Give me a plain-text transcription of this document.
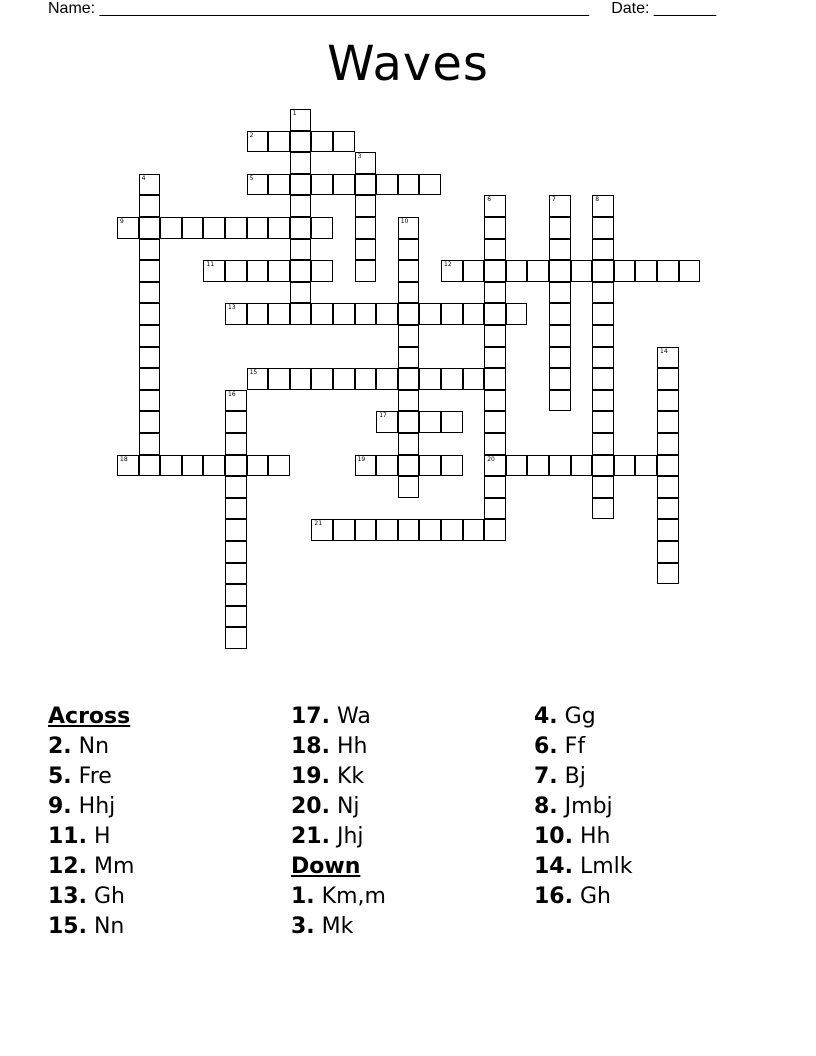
Name: _______________________________________________________     Date: _______
Waves
2
5
9
11	12
13
15
17
18	19	20
21
1
3
4
6	7	8
10
14
16
Across
2. Nn
5. Fre
9. Hhj
11. H
12. Mm
13. Gh
15. Nn
17. Wa
18. Hh
19. Kk
20. Nj
21. Jhj
Down
1. Km,m
3. Mk
4. Gg
6. Ff
7. Bj
8. Jmbj
10. Hh
14. Lmlk
16. Gh
